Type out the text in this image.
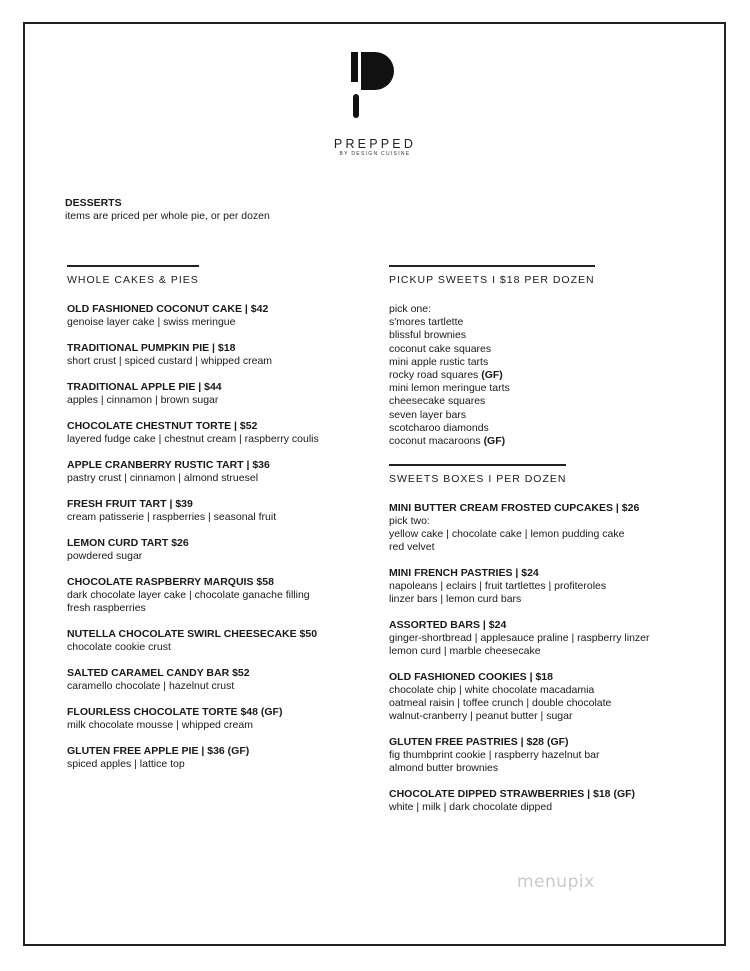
PREPPED
BY DESIGN CUISINE
DESSERTS
items are priced per whole pie, or per dozen
WHOLE CAKES & PIES
OLD FASHIONED COCONUT CAKE | $42
genoise layer cake | swiss meringue
TRADITIONAL PUMPKIN PIE | $18
short crust | spiced custard | whipped cream
TRADITIONAL APPLE PIE | $44
apples | cinnamon | brown sugar
CHOCOLATE CHESTNUT TORTE | $52
layered fudge cake | chestnut cream | raspberry coulis
APPLE CRANBERRY RUSTIC TART | $36
pastry crust | cinnamon | almond struesel
FRESH FRUIT TART | $39
cream patisserie | raspberries | seasonal fruit
LEMON CURD TART $26
powdered sugar
CHOCOLATE RASPBERRY MARQUIS $58
dark chocolate layer cake | chocolate ganache filling
fresh raspberries
NUTELLA CHOCOLATE SWIRL CHEESECAKE $50
chocolate cookie crust
SALTED CARAMEL CANDY BAR $52
caramello chocolate | hazelnut crust
FLOURLESS CHOCOLATE TORTE $48 (GF)
milk chocolate mousse | whipped cream
GLUTEN FREE APPLE PIE | $36 (GF)
spiced apples | lattice top
PICKUP SWEETS I $18 PER DOZEN
pick one:
s'mores tartlette
blissful brownies
coconut cake squares
mini apple rustic tarts
rocky road squares (GF)
mini lemon meringue tarts
cheesecake squares
seven layer bars
scotcharoo diamonds
coconut macaroons (GF)
SWEETS BOXES I PER DOZEN
MINI BUTTER CREAM FROSTED CUPCAKES | $26
pick two:
yellow cake | chocolate cake | lemon pudding cake
red velvet
MINI FRENCH PASTRIES | $24
napoleans | eclairs | fruit tartlettes | profiteroles
linzer bars | lemon curd bars
ASSORTED BARS | $24
ginger-shortbread | applesauce praline | raspberry linzer
lemon curd | marble cheesecake
OLD FASHIONED COOKIES | $18
chocolate chip | white chocolate macadamia
oatmeal raisin | toffee crunch | double chocolate
walnut-cranberry | peanut butter | sugar
GLUTEN FREE PASTRIES | $28 (GF)
fig thumbprint cookie | raspberry hazelnut bar
almond butter brownies
CHOCOLATE DIPPED STRAWBERRIES | $18 (GF)
white | milk | dark chocolate dipped
menupix
